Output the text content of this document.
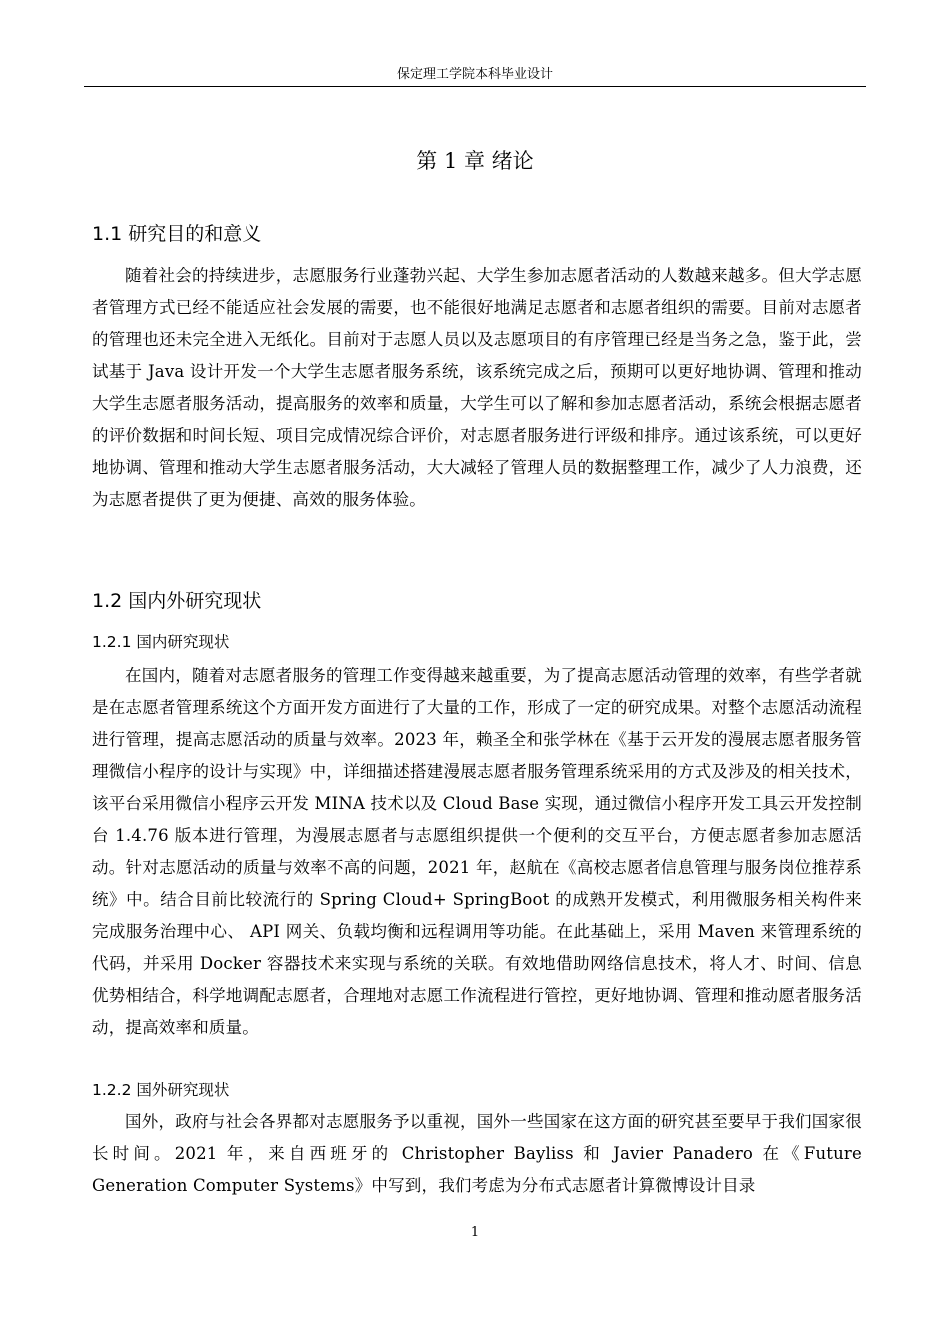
保定理工学院本科毕业设计
第 1 章 绪论
1.1 研究目的和意义

随着社会的持续进步，志愿服务行业蓬勃兴起、大学生参加志愿者活动的人数越来越多。但大学志愿者管理方式已经不能适应社会发展的需要，也不能很好地满足志愿者和志愿者组织的需要。目前对志愿者的管理也还未完全进入无纸化。目前对于志愿人员以及志愿项目的有序管理已经是当务之急，鉴于此，尝试基于 Java 设计开发一个大学生志愿者服务系统，该系统完成之后，预期可以更好地协调、管理和推动大学生志愿者服务活动，提高服务的效率和质量，大学生可以了解和参加志愿者活动，系统会根据志愿者的评价数据和时间长短、项目完成情况综合评价，对志愿者服务进行评级和排序。通过该系统，可以更好地协调、管理和推动大学生志愿者服务活动，大大减轻了管理人员的数据整理工作，减少了人力浪费，还为志愿者提供了更为便捷、高效的服务体验。

1.2 国内外研究现状
1.2.1 国内研究现状

在国内，随着对志愿者服务的管理工作变得越来越重要，为了提高志愿活动管理的效率，有些学者就是在志愿者管理系统这个方面开发方面进行了大量的工作，形成了一定的研究成果。对整个志愿活动流程进行管理，提高志愿活动的质量与效率。2023 年，赖圣全和张学林在《基于云开发的漫展志愿者服务管理微信小程序的设计与实现》中，详细描述搭建漫展志愿者服务管理系统采用的方式及涉及的相关技术，该平台采用微信小程序云开发 MINA 技术以及 Cloud Base 实现，通过微信小程序开发工具云开发控制台 1.4.76 版本进行管理，为漫展志愿者与志愿组织提供一个便利的交互平台，方便志愿者参加志愿活动。针对志愿活动的质量与效率不高的问题，2021 年，赵航在《高校志愿者信息管理与服务岗位推荐系统》中。结合目前比较流行的 Spring Cloud+ SpringBoot 的成熟开发模式，利用微服务相关构件来完成服务治理中心、 API 网关、负载均衡和远程调用等功能。在此基础上，采用 Maven 来管理系统的代码，并采用 Docker 容器技术来实现与系统的关联。有效地借助网络信息技术，将人才、时间、信息优势相结合，科学地调配志愿者，合理地对志愿工作流程进行管控，更好地协调、管理和推动愿者服务活动，提高效率和质量。

1.2.2 国外研究现状

国外，政府与社会各界都对志愿服务予以重视，国外一些国家在这方面的研究甚至要早于我们国家很长时间。2021 年，来自西班牙的 Christopher Bayliss 和 Javier Panadero 在《Future Generation Computer Systems》中写到，我们考虑为分布式志愿者计算微博设计目录

1
